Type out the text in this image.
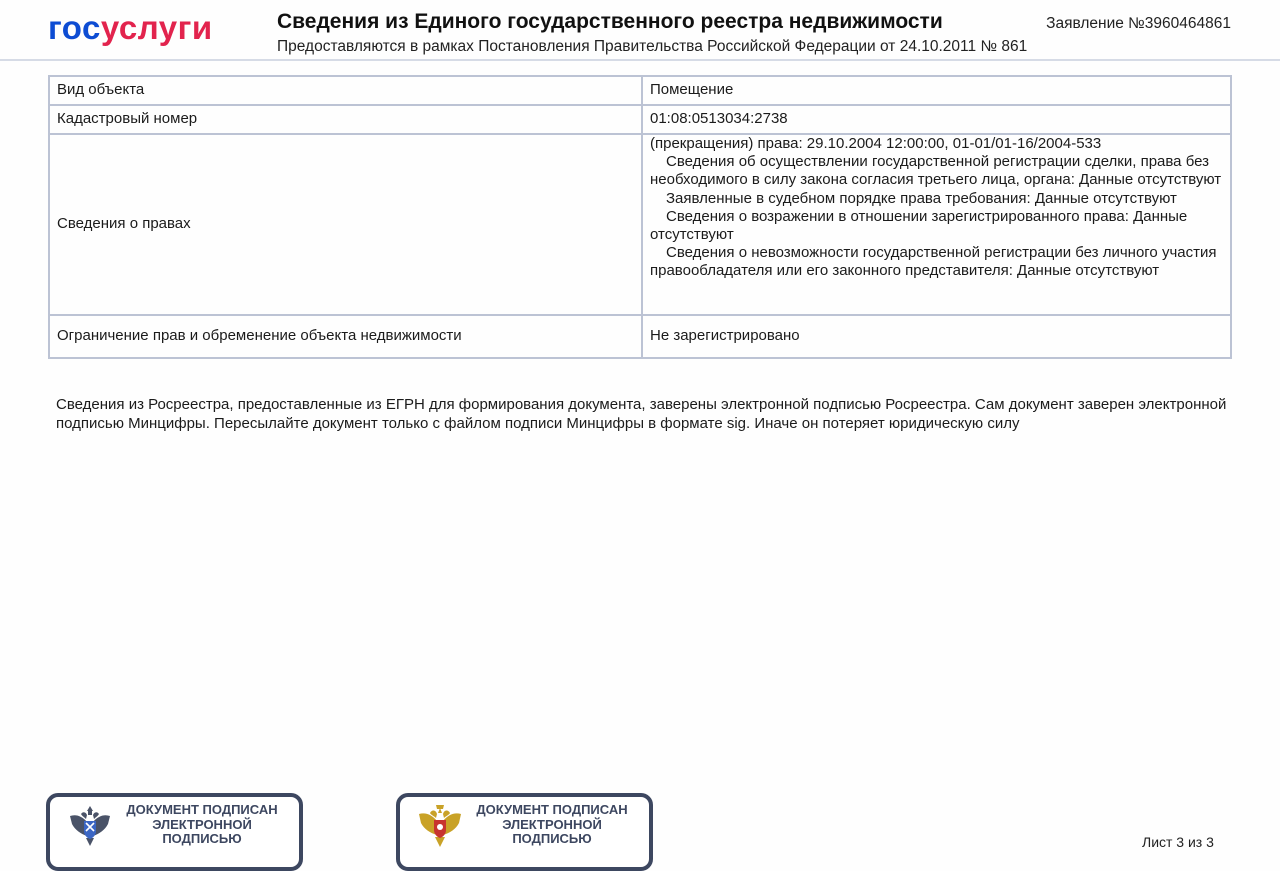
госуслуги	Сведения из Единого государственного реестра недвижимости
Предоставляются в рамках Постановления Правительства Российской Федерации от 24.10.2011 № 861
Заявление №3960464861
Вид объекта	Помещение
Кадастровый номер	01:08:0513034:2738
Сведения о правах	(прекращения) права: 29.10.2004 12:00:00, 01-01/01-16/2004-533
Сведения об осуществлении государственной регистрации сделки, права без необходимого в силу закона согласия третьего лица, органа: Данные отсутствуют
Заявленные в судебном порядке права требования: Данные отсутствуют
Сведения о возражении в отношении зарегистрированного права: Данные отсутствуют
Сведения о невозможности государственной регистрации без личного участия правообладателя или его законного представителя: Данные отсутствуют

Ограничение прав и обременение объекта недвижимости	Не зарегистрировано
Сведения из Росреестра, предоставленные из ЕГРН для формирования документа, заверены электронной подписью Росреестра. Сам документ заверен электронной подписью Минцифры. Пересылайте документ только с файлом подписи Минцифры в формате sig. Иначе он потеряет юридическую силу
ДОКУМЕНТ ПОДПИСАН ЭЛЕКТРОННОЙ ПОДПИСЬЮ
ДОКУМЕНТ ПОДПИСАН ЭЛЕКТРОННОЙ ПОДПИСЬЮ	Лист 3 из 3
